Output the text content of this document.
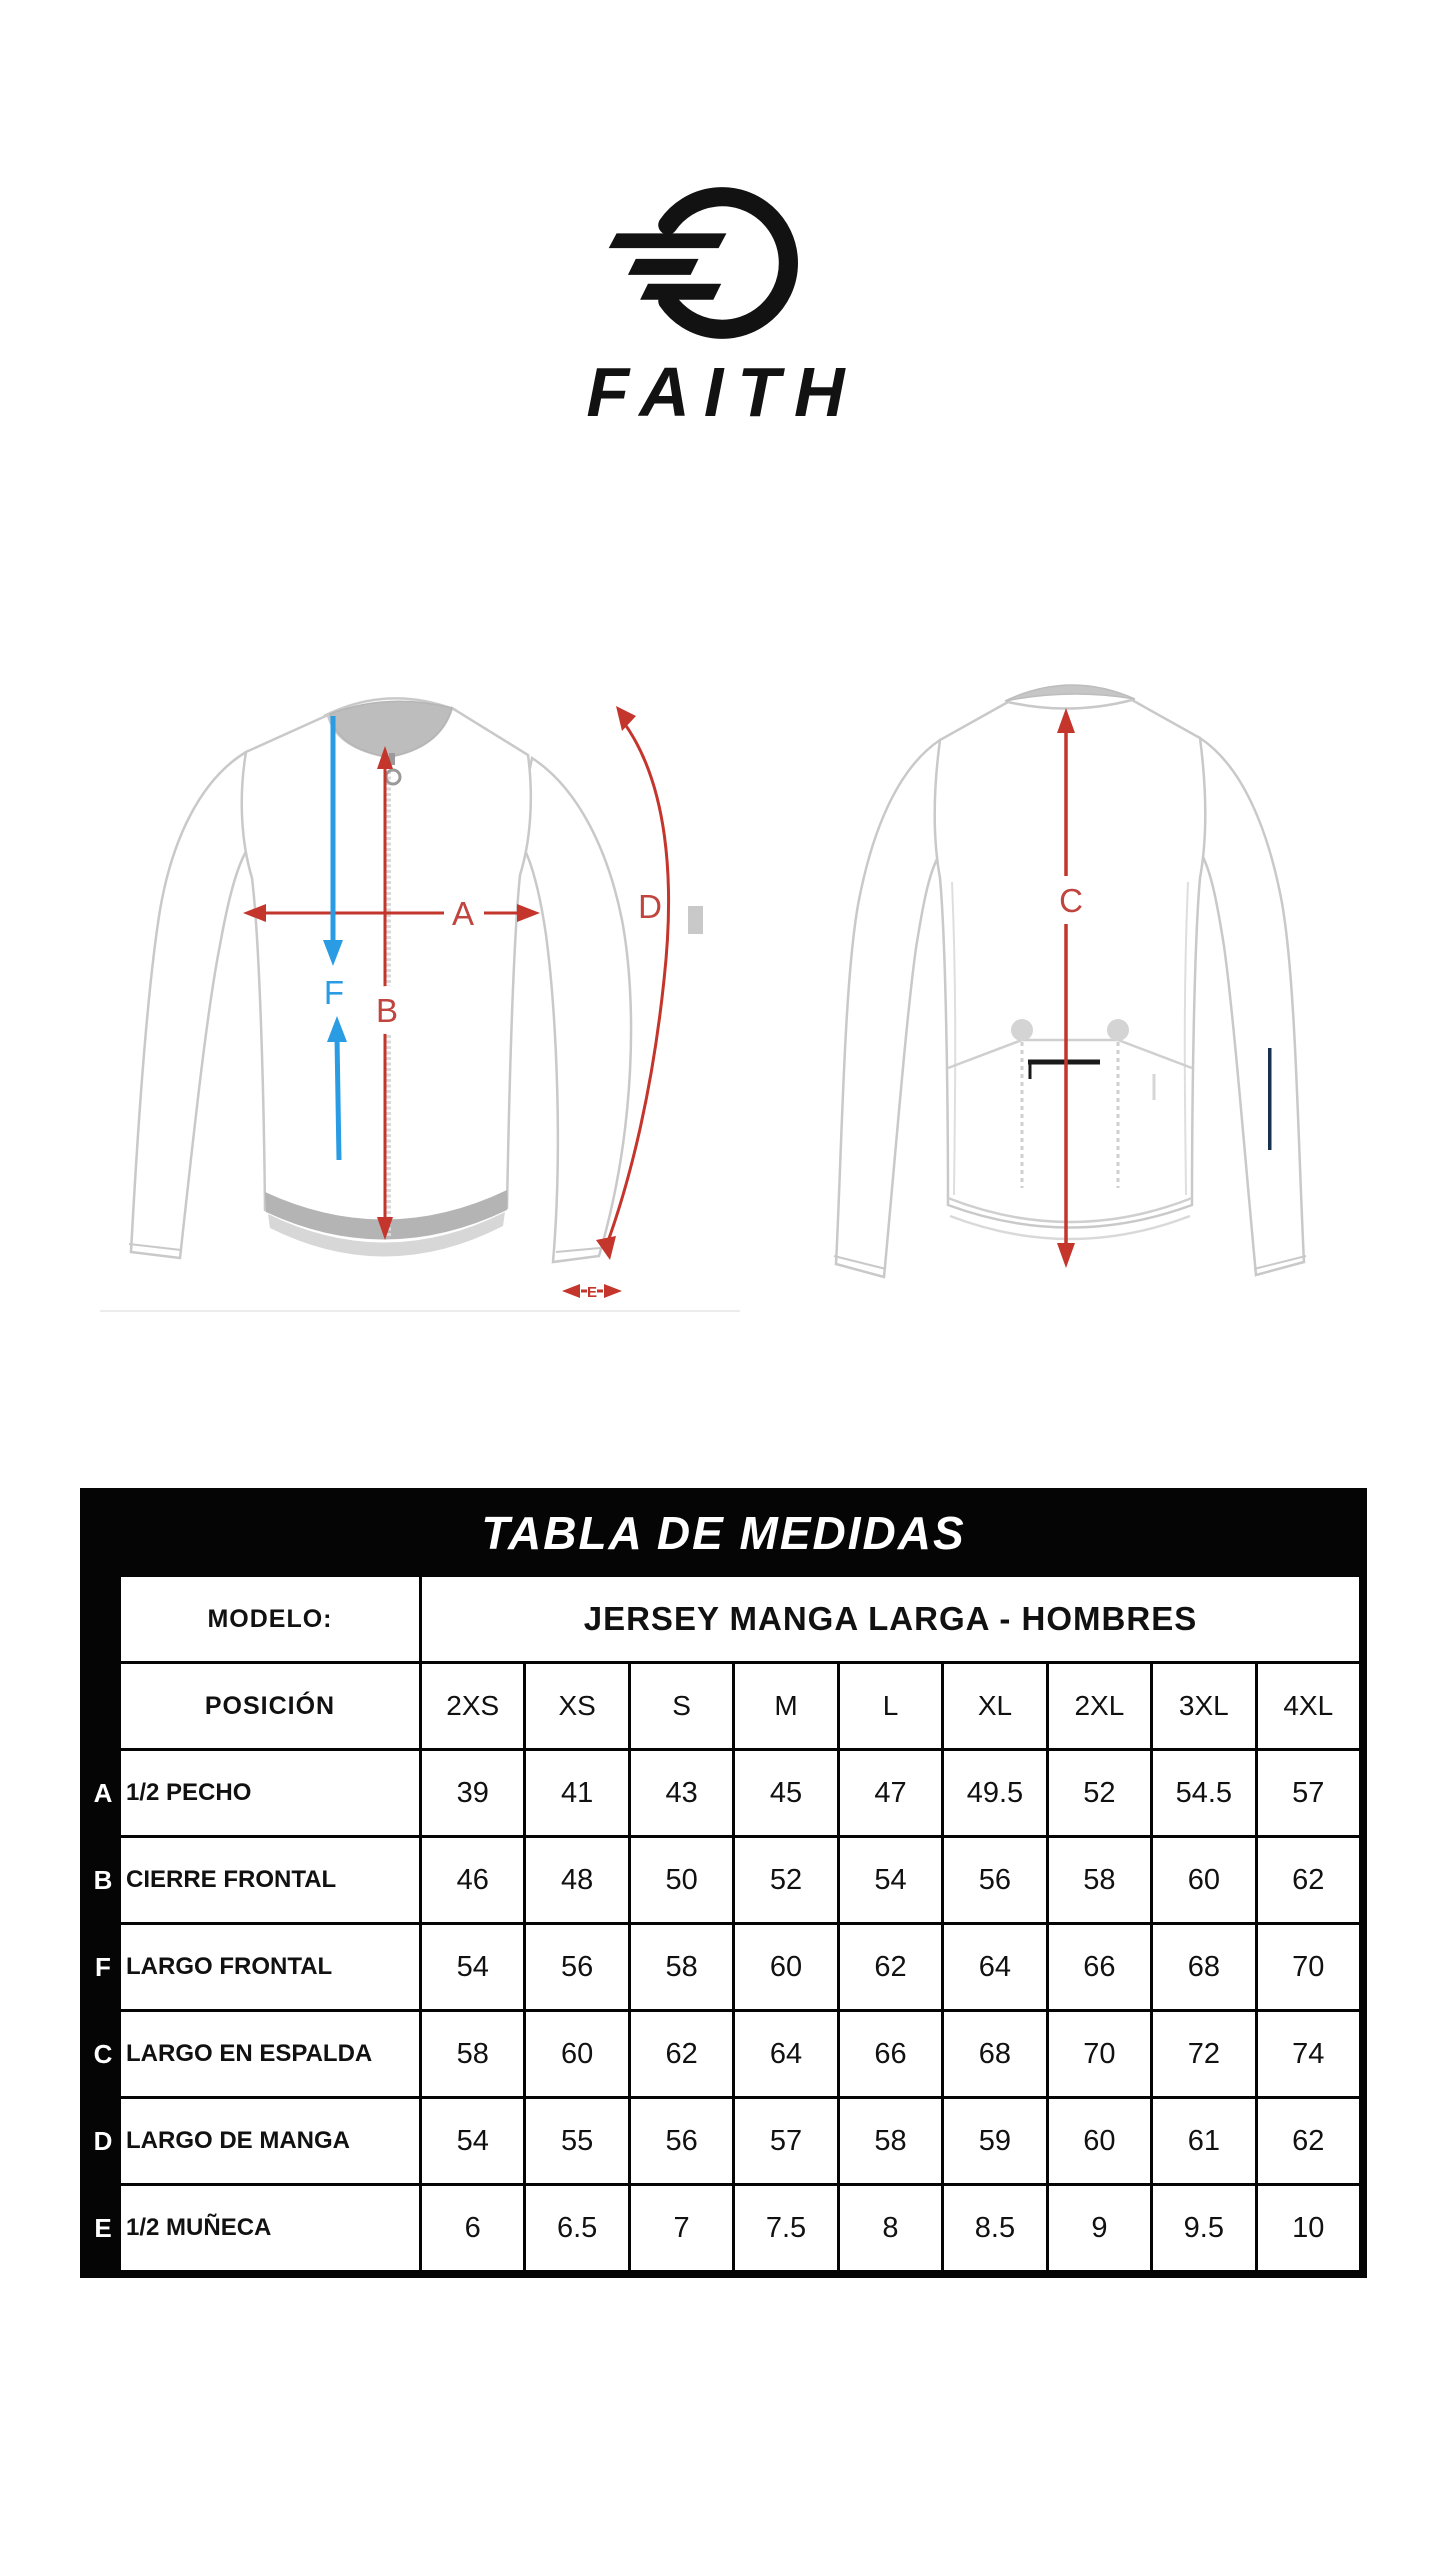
FAITH
A
B
F
D
E
C
TABLA DE MEDIDAS
MODELO:	JERSEY MANGA LARGA - HOMBRES
POSICIÓN	2XS	XS	S	M	L	XL	2XL	3XL	4XL
A 1/2 PECHO	39	41	43	45	47	49.5	52	54.5	57
B CIERRE FRONTAL	46	48	50	52	54	56	58	60	62
F LARGO FRONTAL	54	56	58	60	62	64	66	68	70
C LARGO EN ESPALDA	58	60	62	64	66	68	70	72	74
D LARGO DE MANGA	54	55	56	57	58	59	60	61	62
E 1/2 MUÑECA	6	6.5	7	7.5	8	8.5	9	9.5	10
